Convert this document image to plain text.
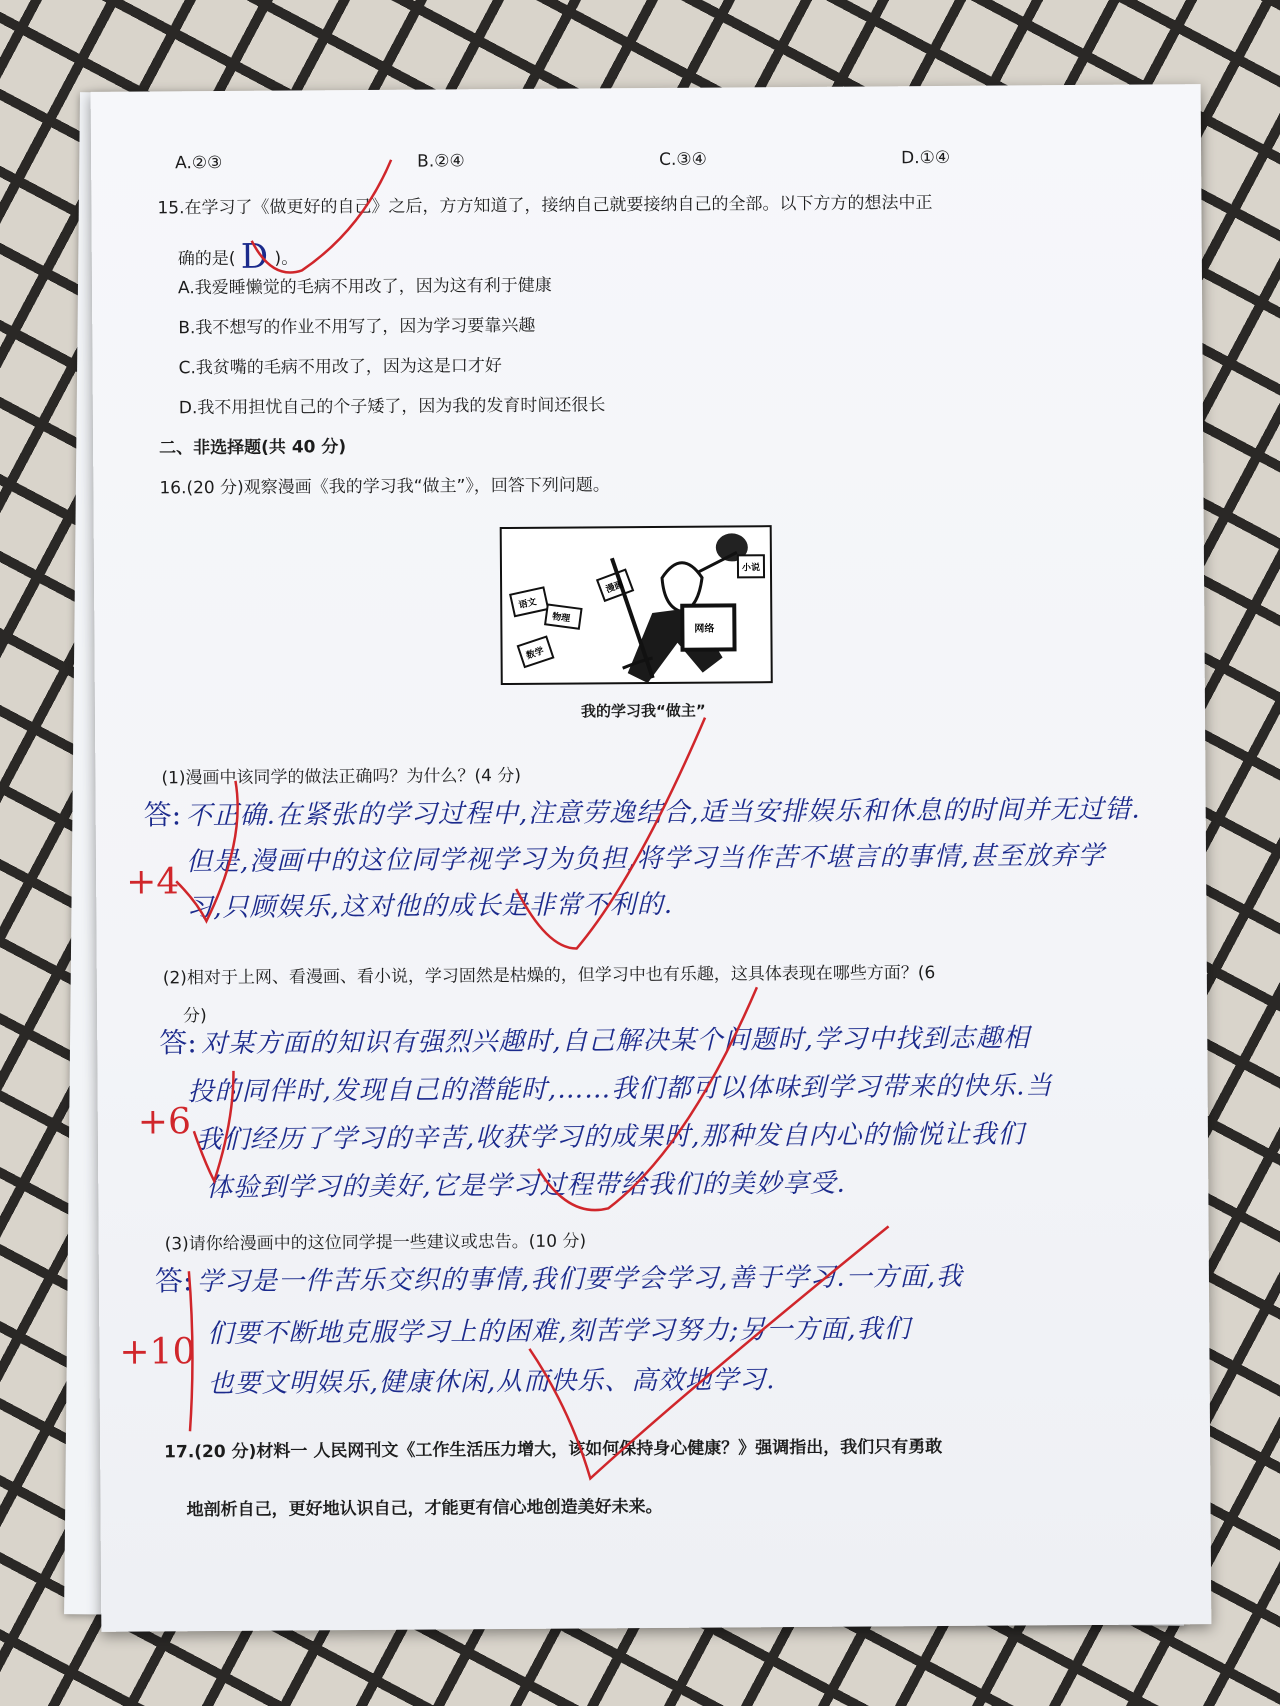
A.②③	B.②④	C.③④	D.①④
15.在学习了《做更好的自己》之后，方方知道了，接纳自己就要接纳自己的全部。以下方方的想法中正
确的是( D )。
A.我爱睡懒觉的毛病不用改了，因为这有利于健康
B.我不想写的作业不用写了，因为学习要靠兴趣
C.我贫嘴的毛病不用改了，因为这是口才好
D.我不用担忧自己的个子矮了，因为我的发育时间还很长
二、非选择题(共 40 分)
16.(20 分)观察漫画《我的学习我“做主”》，回答下列问题。
语文
物理
数学
漫画
小说
网络
我的学习我“做主”
(1)漫画中该同学的做法正确吗？为什么？(4 分)
答: 不正确.在紧张的学习过程中,注意劳逸结合,适当安排娱乐和休息的时间并无过错.
但是,漫画中的这位同学视学习为负担,将学习当作苦不堪言的事情,甚至放弃学
习,只顾娱乐,这对他的成长是非常不利的.
+4
(2)相对于上网、看漫画、看小说，学习固然是枯燥的，但学习中也有乐趣，这具体表现在哪些方面？(6
分)
答: 对某方面的知识有强烈兴趣时,自己解决某个问题时,学习中找到志趣相
投的同伴时,发现自己的潜能时,……我们都可以体味到学习带来的快乐.当
我们经历了学习的辛苦,收获学习的成果时,那种发自内心的愉悦让我们
体验到学习的美好,它是学习过程带给我们的美妙享受.
+6
(3)请你给漫画中的这位同学提一些建议或忠告。(10 分)
答: 学习是一件苦乐交织的事情,我们要学会学习,善于学习.一方面,我
们要不断地克服学习上的困难,刻苦学习努力;另一方面,我们
也要文明娱乐,健康休闲,从而快乐、高效地学习.
+10
17.(20 分)材料一 人民网刊文《工作生活压力增大，该如何保持身心健康？》强调指出，我们只有勇敢
地剖析自己，更好地认识自己，才能更有信心地创造美好未来。
